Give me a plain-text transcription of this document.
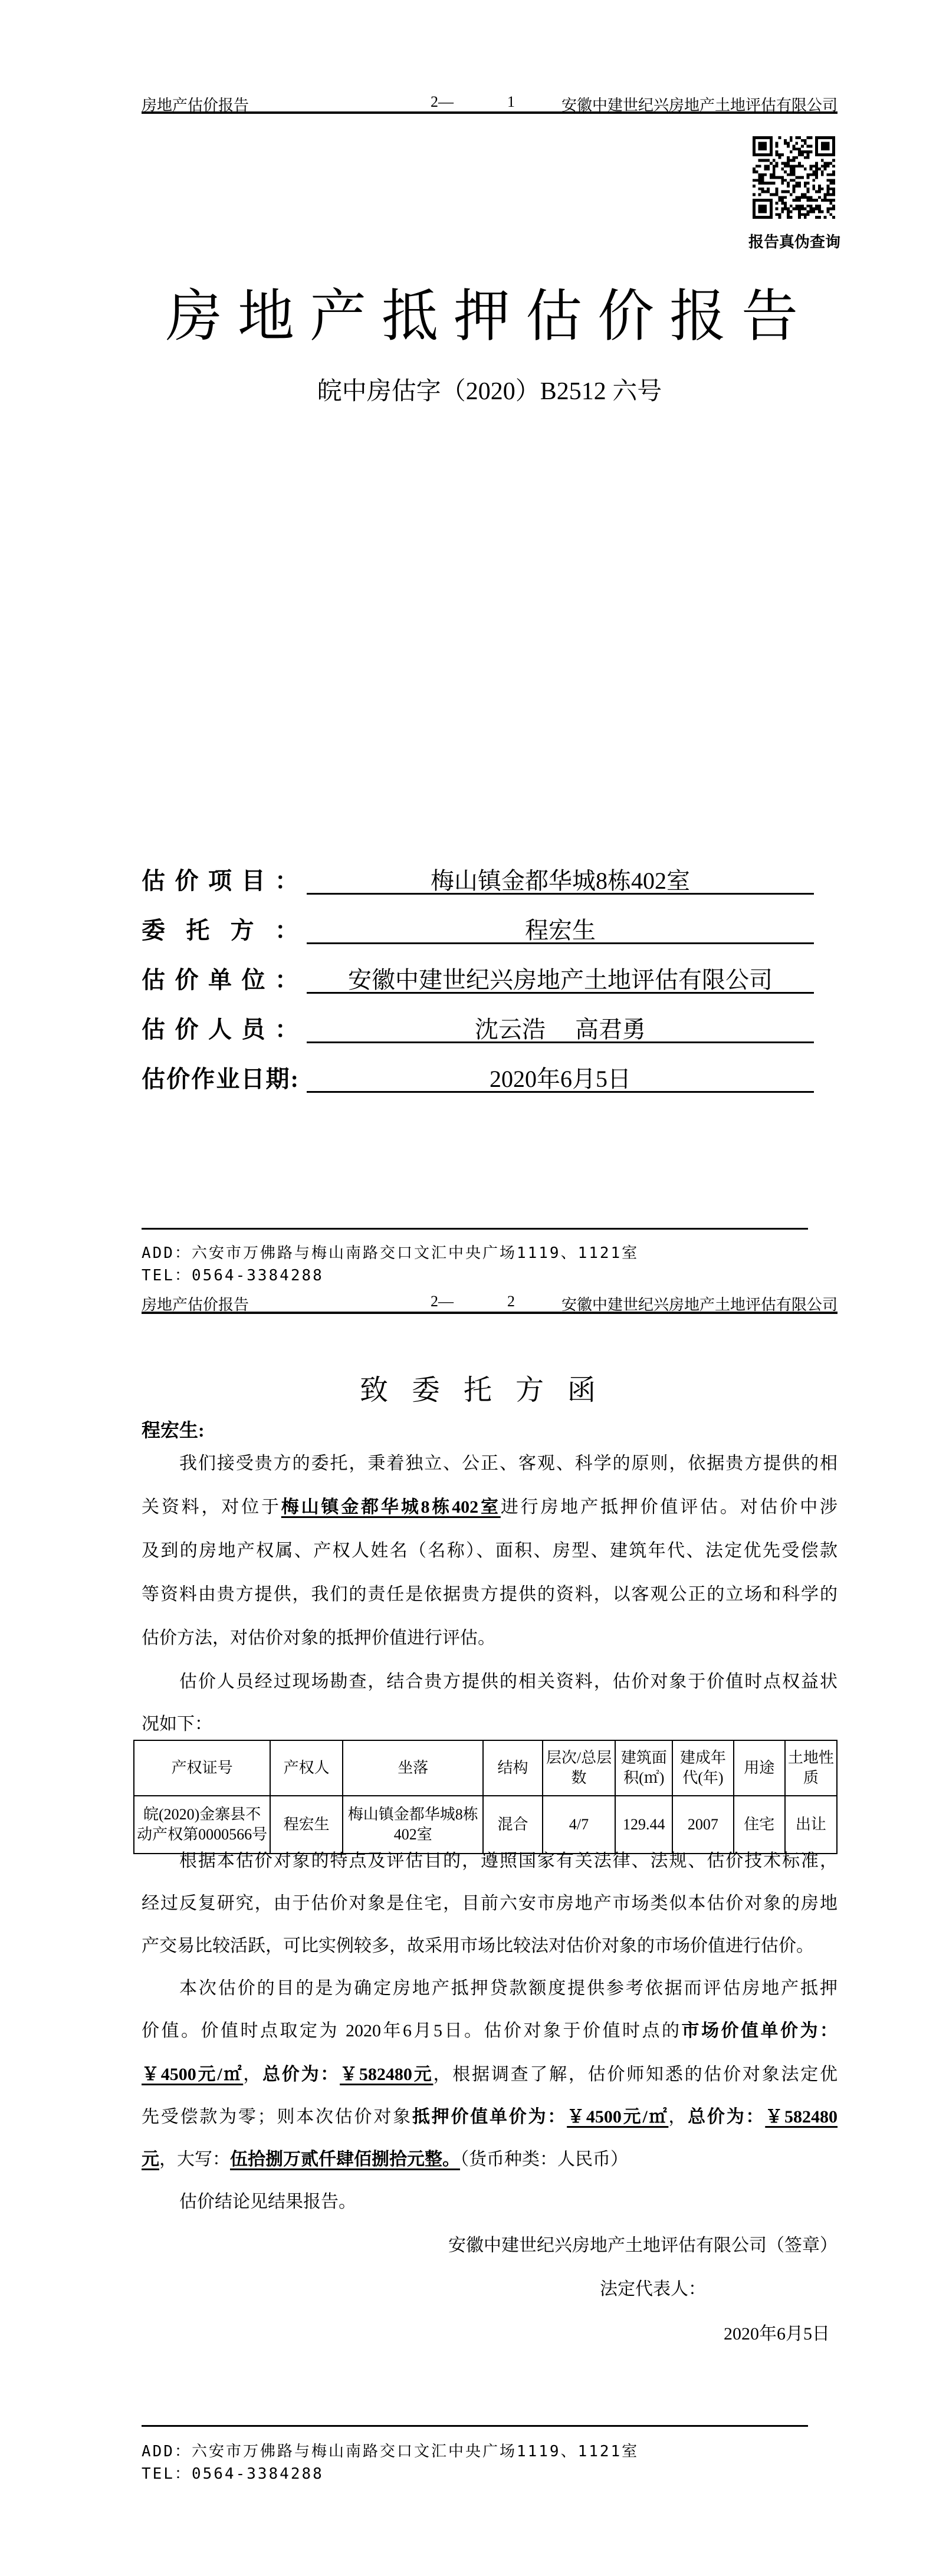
房地产估价报告	2—	1	安徽中建世纪兴房地产土地评估有限公司
报告真伪查询
房地产抵押估价报告
皖中房估字（2020）B2512 六号
估价项目：	梅山镇金都华城8栋402室
委托方：	程宏生
估价单位：	安徽中建世纪兴房地产土地评估有限公司
估价人员：	沈云浩　 高君勇
估价作业日期:	2020年6月5日
ADD：六安市万佛路与梅山南路交口文汇中央广场1119、1121室
TEL：0564-3384288
房地产估价报告	2—	2	安徽中建世纪兴房地产土地评估有限公司
致委托方函
程宏生:
我们接受贵方的委托，秉着独立、公正、客观、科学的原则，依据贵方提供的相
关资料，对位于梅山镇金都华城8栋402室进行房地产抵押价值评估。对估价中涉
及到的房地产权属、产权人姓名（名称）、面积、房型、建筑年代、法定优先受偿款
等资料由贵方提供，我们的责任是依据贵方提供的资料，以客观公正的立场和科学的
估价方法，对估价对象的抵押价值进行评估。
估价人员经过现场勘查，结合贵方提供的相关资料，估价对象于价值时点权益状
况如下：
产权证号	产权人	坐落	结构	层次/总层数	建筑面积(㎡)	建成年代(年)	用途	土地性质
皖(2020)金寨县不动产权第0000566号	程宏生	梅山镇金都华城8栋402室	混合	4/7	129.44	2007	住宅	出让
根据本估价对象的特点及评估目的，遵照国家有关法律、法规、估价技术标准，
经过反复研究，由于估价对象是住宅，目前六安市房地产市场类似本估价对象的房地
产交易比较活跃，可比实例较多，故采用市场比较法对估价对象的市场价值进行估价。
本次估价的目的是为确定房地产抵押贷款额度提供参考依据而评估房地产抵押
价值。价值时点取定为 2020年6月5日。估价对象于价值时点的市场价值单价为：
￥4500元/㎡，总价为：￥582480元，根据调查了解，估价师知悉的估价对象法定优
先受偿款为零；则本次估价对象抵押价值单价为：￥4500元/㎡，总价为：￥582480
元，大写：伍拾捌万贰仟肆佰捌拾元整。（货币种类：人民币）
估价结论见结果报告。
安徽中建世纪兴房地产土地评估有限公司（签章）
法定代表人：
2020年6月5日
ADD：六安市万佛路与梅山南路交口文汇中央广场1119、1121室
TEL：0564-3384288
